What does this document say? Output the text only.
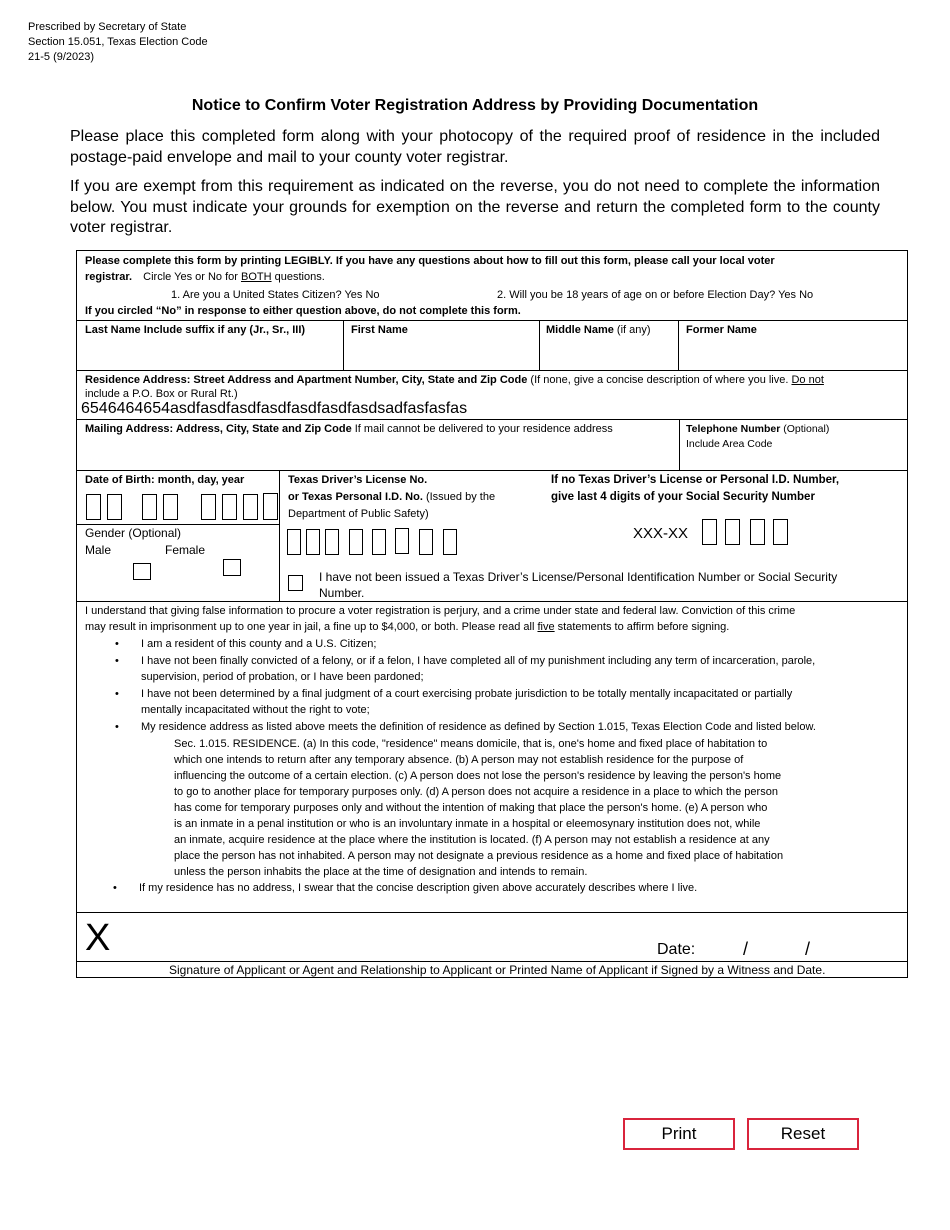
Prescribed by Secretary of State
Section 15.051, Texas Election Code
21-5 (9/2023)
Notice to Confirm Voter Registration Address by Providing Documentation
Please place this completed form along with your photocopy of the required proof of residence in the included postage-paid envelope and mail to your county voter registrar.
If you are exempt from this requirement as indicated on the reverse, you do not need to complete the information below. You must indicate your grounds for exemption on the reverse and return the completed form to the county voter registrar.
Please complete this form by printing LEGIBLY. If you have any questions about how to fill out this form, please call your local voter
registrar. Circle Yes or No for BOTH questions.
1. Are you a United States Citizen? Yes No	2. Will you be 18 years of age on or before Election Day? Yes No
If you circled “No” in response to either question above, do not complete this form.
Last Name Include suffix if any (Jr., Sr., III)	First Name	Middle Name (if any)	Former Name
Residence Address: Street Address and Apartment Number, City, State and Zip Code (If none, give a concise description of where you live. Do not
include a P.O. Box or Rural Rt.)
6546464654asdfasdfasdfasdfasdfasdfasdsadfasfasfas
Mailing Address: Address, City, State and Zip Code If mail cannot be delivered to your residence address	Telephone Number (Optional)
Include Area Code
Date of Birth: month, day, year
Gender (Optional)
Male	Female
Texas Driver’s License No.
or Texas Personal I.D. No. (Issued by the
Department of Public Safety)
I have not been issued a Texas Driver’s License/Personal Identification Number or Social Security
Number.
If no Texas Driver’s License or Personal I.D. Number,
give last 4 digits of your Social Security Number
XXX-XX
I understand that giving false information to procure a voter registration is perjury, and a crime under state and federal law. Conviction of this crime
may result in imprisonment up to one year in jail, a fine up to $4,000, or both. Please read all five statements to affirm before signing.
• I am a resident of this county and a U.S. Citizen;
• I have not been finally convicted of a felony, or if a felon, I have completed all of my punishment including any term of incarceration, parole,
supervision, period of probation, or I have been pardoned;
• I have not been determined by a final judgment of a court exercising probate jurisdiction to be totally mentally incapacitated or partially
mentally incapacitated without the right to vote;
• My residence address as listed above meets the definition of residence as defined by Section 1.015, Texas Election Code and listed below.
Sec. 1.015. RESIDENCE. (a) In this code, "residence" means domicile, that is, one's home and fixed place of habitation to
which one intends to return after any temporary absence. (b) A person may not establish residence for the purpose of
influencing the outcome of a certain election. (c) A person does not lose the person's residence by leaving the person's home
to go to another place for temporary purposes only. (d) A person does not acquire a residence in a place to which the person
has come for temporary purposes only and without the intention of making that place the person's home. (e) A person who
is an inmate in a penal institution or who is an involuntary inmate in a hospital or eleemosynary institution does not, while
an inmate, acquire residence at the place where the institution is located. (f) A person may not establish a residence at any
place the person has not inhabited. A person may not designate a previous residence as a home and fixed place of habitation
unless the person inhabits the place at the time of designation and intends to remain.
• If my residence has no address, I swear that the concise description given above accurately describes where I live.
X	Date:	/	/
Signature of Applicant or Agent and Relationship to Applicant or Printed Name of Applicant if Signed by a Witness and Date.
Print	Reset
